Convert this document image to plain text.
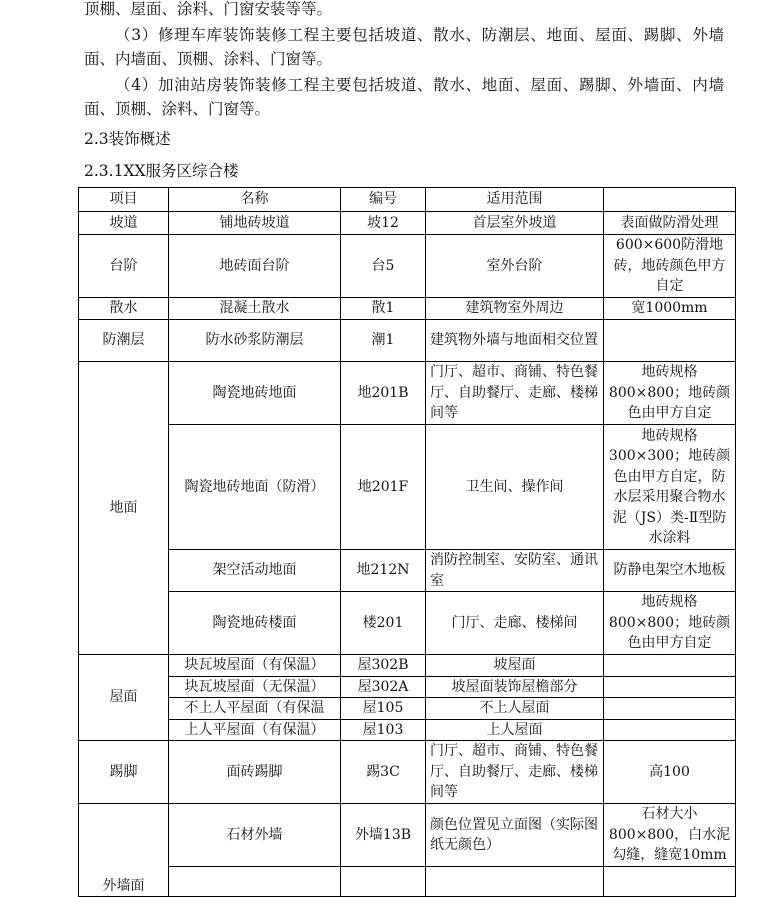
顶棚、屋面、涂料、门窗安装等等。

（3）修理车库装饰装修工程主要包括坡道、散水、防潮层、地面、屋面、踢脚、外墙面、内墙面、顶棚、涂料、门窗等。

（4）加油站房装饰装修工程主要包括坡道、散水、地面、屋面、踢脚、外墙面、内墙面、顶棚、涂料、门窗等。

2.3装饰概述

2.3.1XX服务区综合楼

项目	名称	编号	适用范围	
坡道	铺地砖坡道	坡12	首层室外坡道	表面做防滑处理
台阶	地砖面台阶	台5	室外台阶	600×600防滑地砖，地砖颜色甲方自定
散水	混凝土散水	散1	建筑物室外周边	宽1000mm
防潮层	防水砂浆防潮层	潮1	建筑物外墙与地面相交位置	
地面	陶瓷地砖地面	地201B	门厅、超市、商铺、特色餐厅、自助餐厅、走廊、楼梯间等	地砖规格800×800；地砖颜色由甲方自定
	陶瓷地砖地面（防滑）	地201F	卫生间、操作间	地砖规格300×300；地砖颜色由甲方自定，防水层采用聚合物水泥（JS）类-Ⅱ型防水涂料
	架空活动地面	地212N	消防控制室、安防室、通讯室	防静电架空木地板
	陶瓷地砖楼面	楼201	门厅、走廊、楼梯间	地砖规格800×800；地砖颜色由甲方自定
屋面	块瓦坡屋面（有保温）	屋302B	坡屋面	
	块瓦坡屋面（无保温）	屋302A	坡屋面装饰屋檐部分	
	不上人平屋面（有保温	屋105	不上人屋面	
	上人平屋面（有保温）	屋103	上人屋面	
踢脚	面砖踢脚	踢3C	门厅、超市、商铺、特色餐厅、自助餐厅、走廊、楼梯间等	高100
外墙面	石材外墙	外墙13B	颜色位置见立面图（实际图纸无颜色）	石材大小800×800，白水泥勾缝，缝宽10mm
